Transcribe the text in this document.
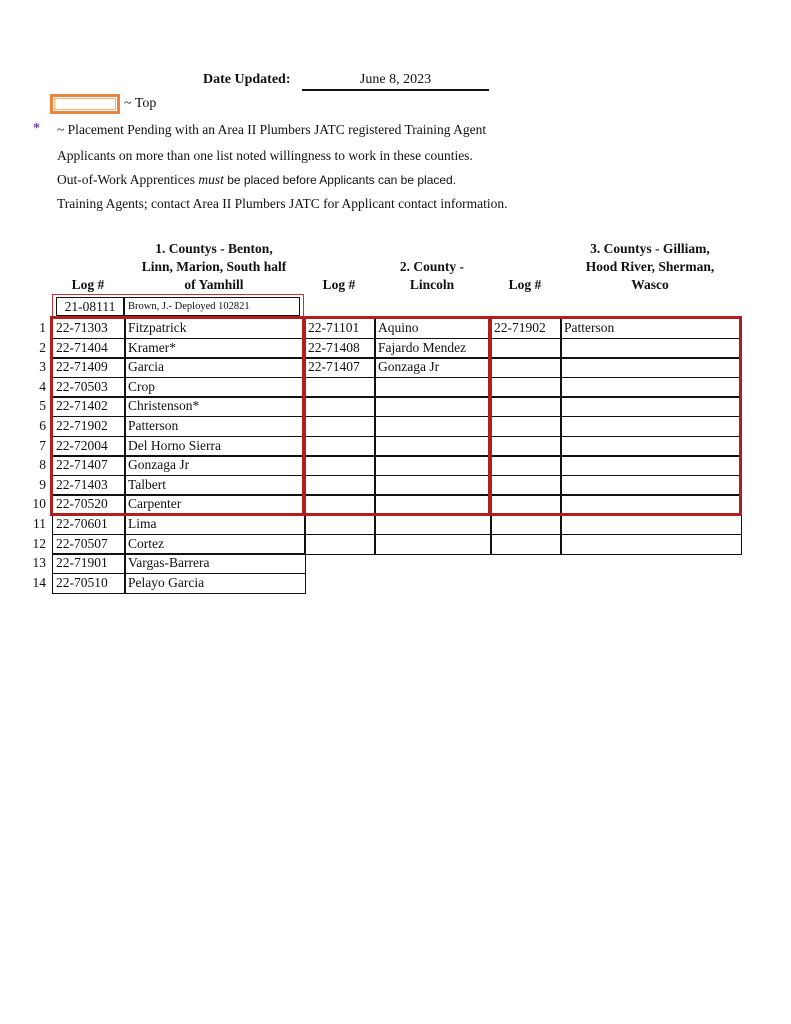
Date Updated:	June 8, 2023
~ Top
* ~ Placement Pending with an Area II Plumbers JATC registered Training Agent
Applicants on more than one list noted willingness to work in these counties.
Out-of-Work Apprentices must be placed before Applicants can be placed.
Training Agents; contact Area II Plumbers JATC for Applicant contact information.
Log #
1. Countys - Benton,
Linn, Marion, South half
of Yamhill	Log #
2. County -
Lincoln	Log #
3. Countys - Gilliam,
Hood River, Sherman,
Wasco
21-08111	Brown, J.- Deployed 102821
1 22-71303	Fitzpatrick	22-71101	Aquino	22-71902	Patterson
2 22-71404	Kramer*	22-71408	Fajardo Mendez
3 22-71409	Garcia	22-71407	Gonzaga Jr
4 22-70503	Crop
5 22-71402	Christenson*
6 22-71902	Patterson
7 22-72004	Del Horno Sierra
8 22-71407	Gonzaga Jr
9 22-71403	Talbert
10 22-70520	Carpenter
11 22-70601	Lima
12 22-70507	Cortez
13 22-71901	Vargas-Barrera
14 22-70510	Pelayo Garcia
